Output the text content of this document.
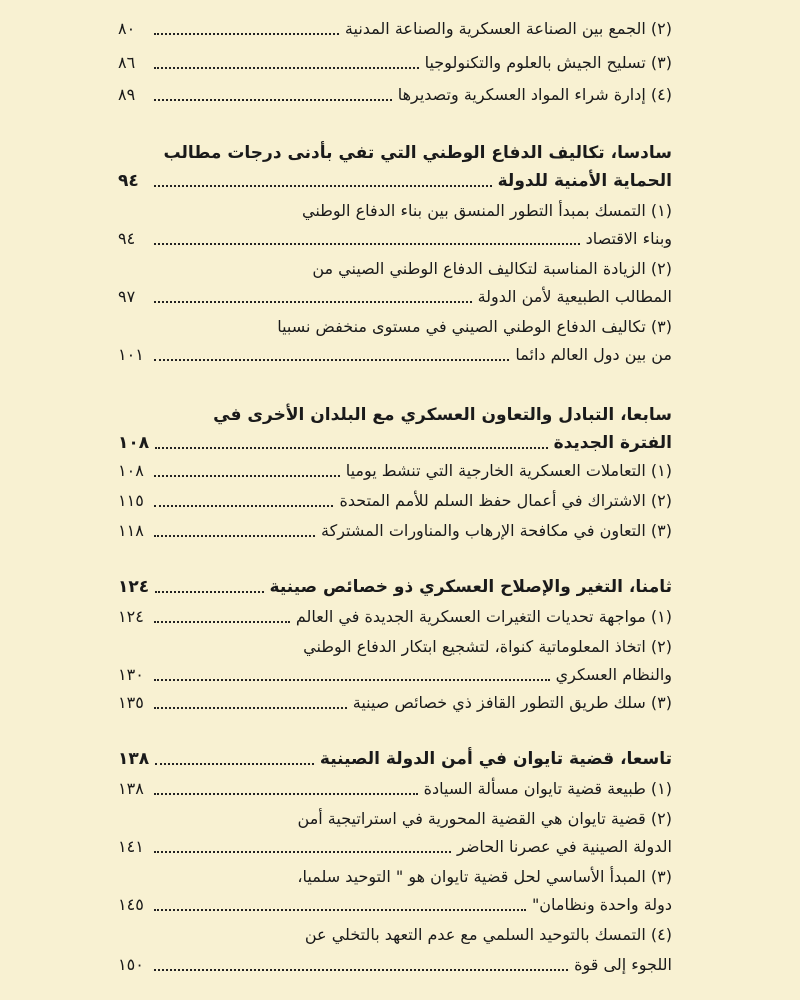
(٢) الجمع بين الصناعة العسكرية والصناعة المدنية
٨٠
(٣) تسليح الجيش بالعلوم والتكنولوجيا
٨٦
(٤) إدارة شراء المواد العسكرية وتصديرها
٨٩
سادسا، تكاليف الدفاع الوطني التي تفي بأدنى درجات مطالب
الحماية الأمنية للدولة
٩٤
(١) التمسك بمبدأ التطور المنسق بين بناء الدفاع الوطني
وبناء الاقتصاد
٩٤
(٢) الزيادة المناسبة لتكاليف الدفاع الوطني الصيني من
المطالب الطبيعية لأمن الدولة
٩٧
(٣) تكاليف الدفاع الوطني الصيني في مستوى منخفض نسبيا
من بين دول العالم دائما
١٠١
سابعا، التبادل والتعاون العسكري مع البلدان الأخرى في
الفترة الجديدة
١٠٨
(١) التعاملات العسكرية الخارجية التي تنشط يوميا
١٠٨
(٢) الاشتراك في أعمال حفظ السلم للأمم المتحدة
١١٥
(٣) التعاون في مكافحة الإرهاب والمناورات المشتركة
١١٨
ثامنا، التغير والإصلاح العسكري ذو خصائص صينية
١٢٤
(١) مواجهة تحديات التغيرات العسكرية الجديدة في العالم
١٢٤
(٢) اتخاذ المعلوماتية كنواة، لتشجيع ابتكار الدفاع الوطني
والنظام العسكري
١٣٠
(٣) سلك طريق التطور القافز ذي خصائص صينية
١٣٥
تاسعا، قضية تايوان في أمن الدولة الصينية
١٣٨
(١) طبيعة قضية تايوان مسألة السيادة
١٣٨
(٢) قضية تايوان هي القضية المحورية في استراتيجية أمن
الدولة الصينية في عصرنا الحاضر
١٤١
(٣) المبدأ الأساسي لحل قضية تايوان هو " التوحيد سلميا،
دولة واحدة ونظامان"
١٤٥
(٤) التمسك بالتوحيد السلمي مع عدم التعهد بالتخلي عن
اللجوء إلى قوة
١٥٠
